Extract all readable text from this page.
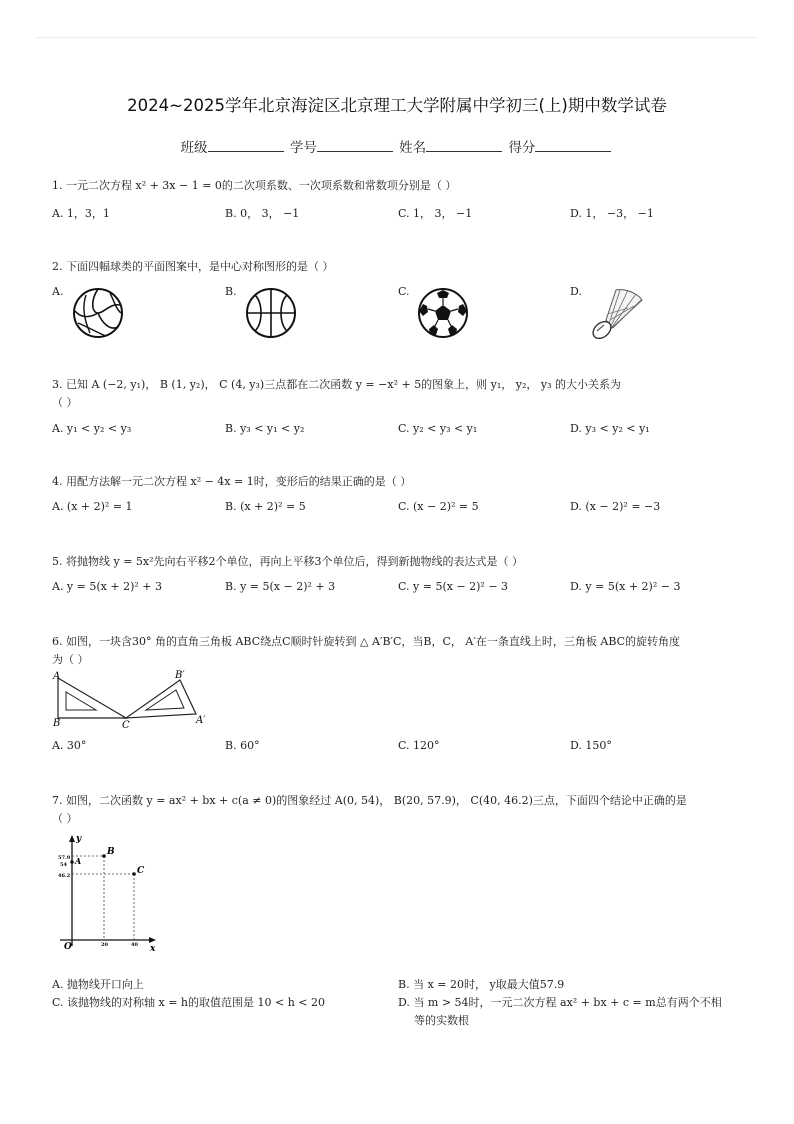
2024~2025学年北京海淀区北京理工大学附属中学初三(上)期中数学试卷
班级	学号	姓名	得分
1. 一元二次方程 x² + 3x − 1 = 0的二次项系数、一次项系数和常数项分别是（ ）
A. 1，3，1	B. 0， 3， −1	C. 1， 3， −1	D. 1， −3， −1
2. 下面四幅球类的平面图案中，是中心对称图形的是（ ）
A.	B.	C.	D.
3. 已知 A (−2, y₁)， B (1, y₂)， C (4, y₃)三点都在二次函数 y = −x² + 5的图象上，则 y₁， y₂， y₃ 的大小关系为
（ ）
A. y₁ < y₂ < y₃	B. y₃ < y₁ < y₂	C. y₂ < y₃ < y₁	D. y₃ < y₂ < y₁
4. 用配方法解一元二次方程 x² − 4x = 1时，变形后的结果正确的是（ ）
A. (x + 2)² = 1	B. (x + 2)² = 5	C. (x − 2)² = 5	D. (x − 2)² = −3
5. 将抛物线 y = 5x²先向右平移2个单位，再向上平移3个单位后，得到新抛物线的表达式是（ ）
A. y = 5(x + 2)² + 3	B. y = 5(x − 2)² + 3	C. y = 5(x − 2)² − 3	D. y = 5(x + 2)² − 3
6. 如图，一块含30° 角的直角三角板 ABC绕点C顺时针旋转到 △ A′B′C，当B，C， A′在一条直线上时，三角板 ABC的旋转角度
为（ ）
A
B	C
B′
A′
A. 30°	B. 60°	C. 120°	D. 150°
7. 如图，二次函数 y = ax² + bx + c(a ≠ 0)的图象经过 A(0, 54)， B(20, 57.9)， C(40, 46.2)三点，下面四个结论中正确的是
（ ）
y
x
O
57.9
54
46.2
20	40
A
B
C
A. 抛物线开口向上	B. 当 x = 20时， y取最大值57.9
C. 该抛物线的对称轴 x = h的取值范围是 10 < h < 20	D. 当 m > 54时，一元二次方程 ax² + bx + c = m总有两个不相
等的实数根
